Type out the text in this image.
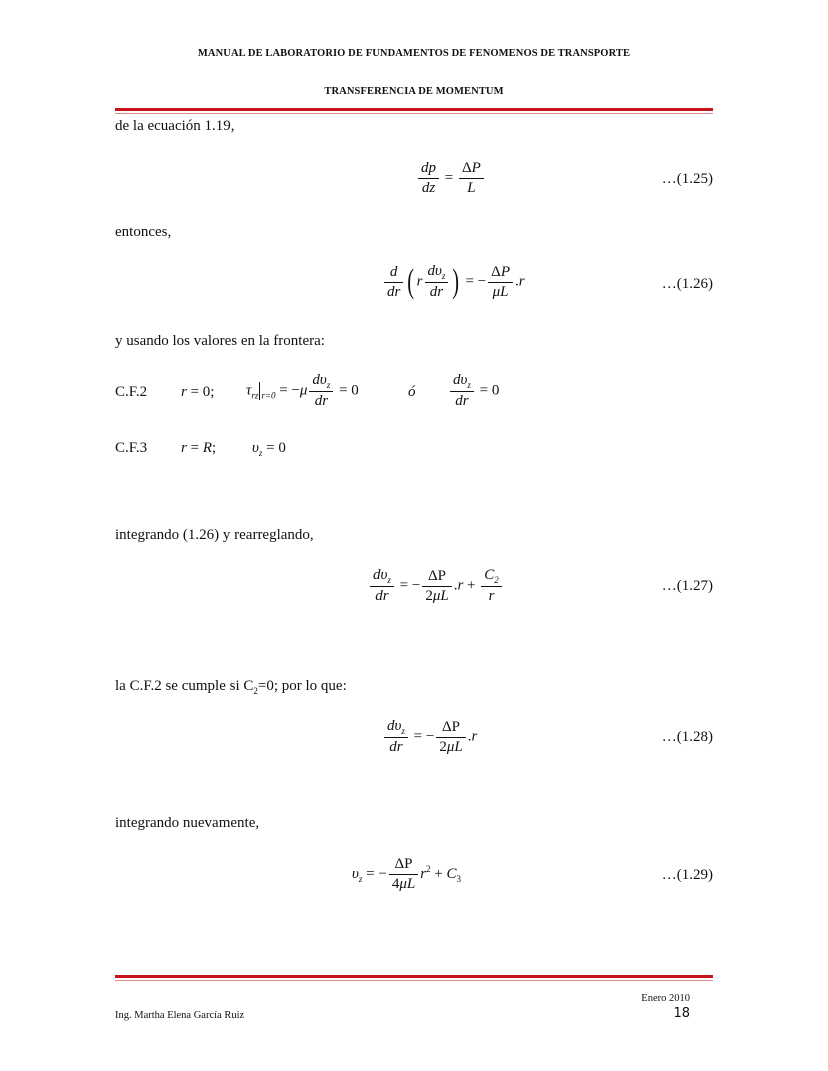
MANUAL DE LABORATORIO DE FUNDAMENTOS DE FENOMENOS DE TRANSPORTE
TRANSFERENCIA DE MOMENTUM
de la ecuación 1.19,
$\frac{dp}{dz} = \frac{\Delta P}{L}$	…(1.25)
entonces,
$\frac{d}{dr}$ ( r $\frac{d\upsilon_z}{dr}$ ) = − $\frac{\Delta P}{\mu L} .r$	…(1.26)
y usando los valores en la frontera:
C.F.2 r = 0; $\tau_{rz}$ $_{r=0} = -\mu \frac{d\upsilon_z}{dr} = 0$	ó $\frac{d\upsilon_z}{dr} = 0$
C.F.3 r = R; $\upsilon_z = 0$
integrando (1.26) y rearreglando,
$\frac{d\upsilon_z}{dr}$ = − $\frac{\Delta P}{2\mu L} .r + \frac{C_2}{r}$	…(1.27)
la C.F.2 se cumple si $C_2=0$; por lo que:
$\frac{d\upsilon_z}{dr}$ = − $\frac{\Delta P}{2\mu L} .r$	…(1.28)
integrando nuevamente,
$\upsilon_z$ = − $\frac{\Delta P}{4\mu L} r^2 + C_3$	…(1.29)
Enero 2010
Ing. Martha Elena García Ruiz	18
